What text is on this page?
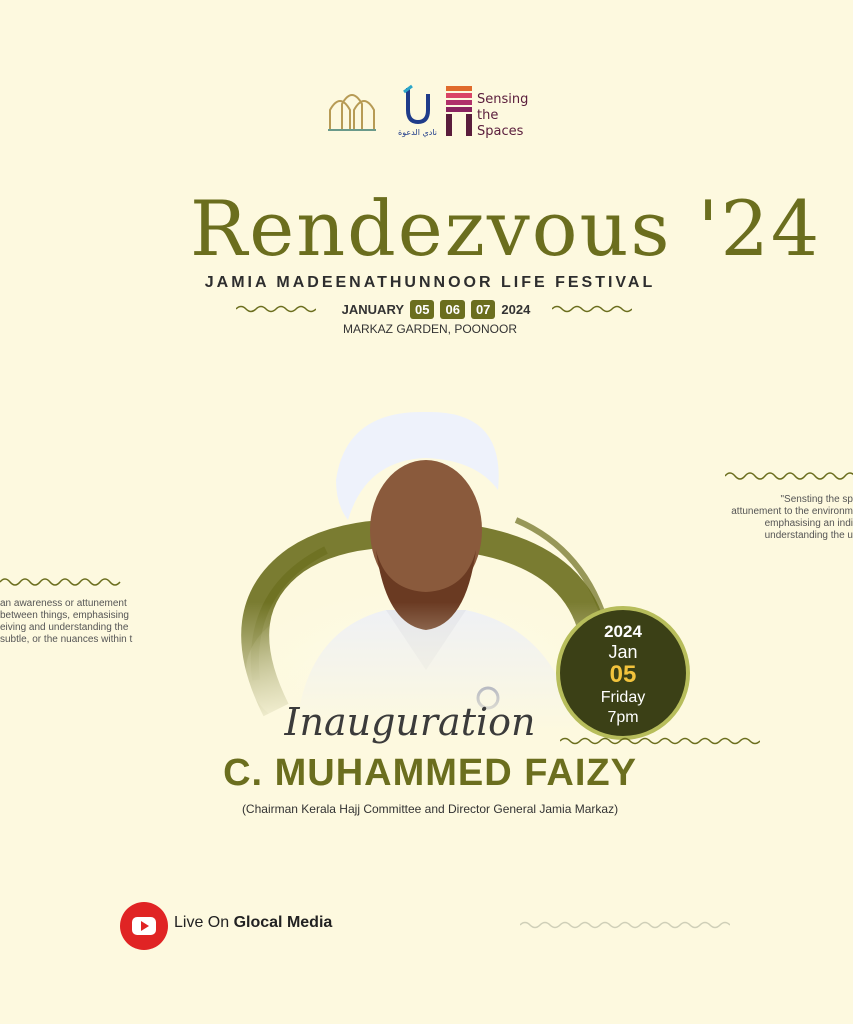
نادي الدعوة
Sensing
the
Spaces
Rendezvous '24
JAMIA MADEENATHUNNOOR LIFE FESTIVAL
JANUARY 05	06	07 2024
MARKAZ GARDEN, POONOOR
an awareness or attunement
between things, emphasising
eiving and understanding the
subtle, or the nuances within t
"Sensting the sp
attunement to the environm
emphasising an indi
understanding the u
2024
Jan
05
Friday
7pm
Inauguration
C. MUHAMMED FAIZY
(Chairman Kerala Hajj Committee and Director General Jamia Markaz)
Live On Glocal Media
